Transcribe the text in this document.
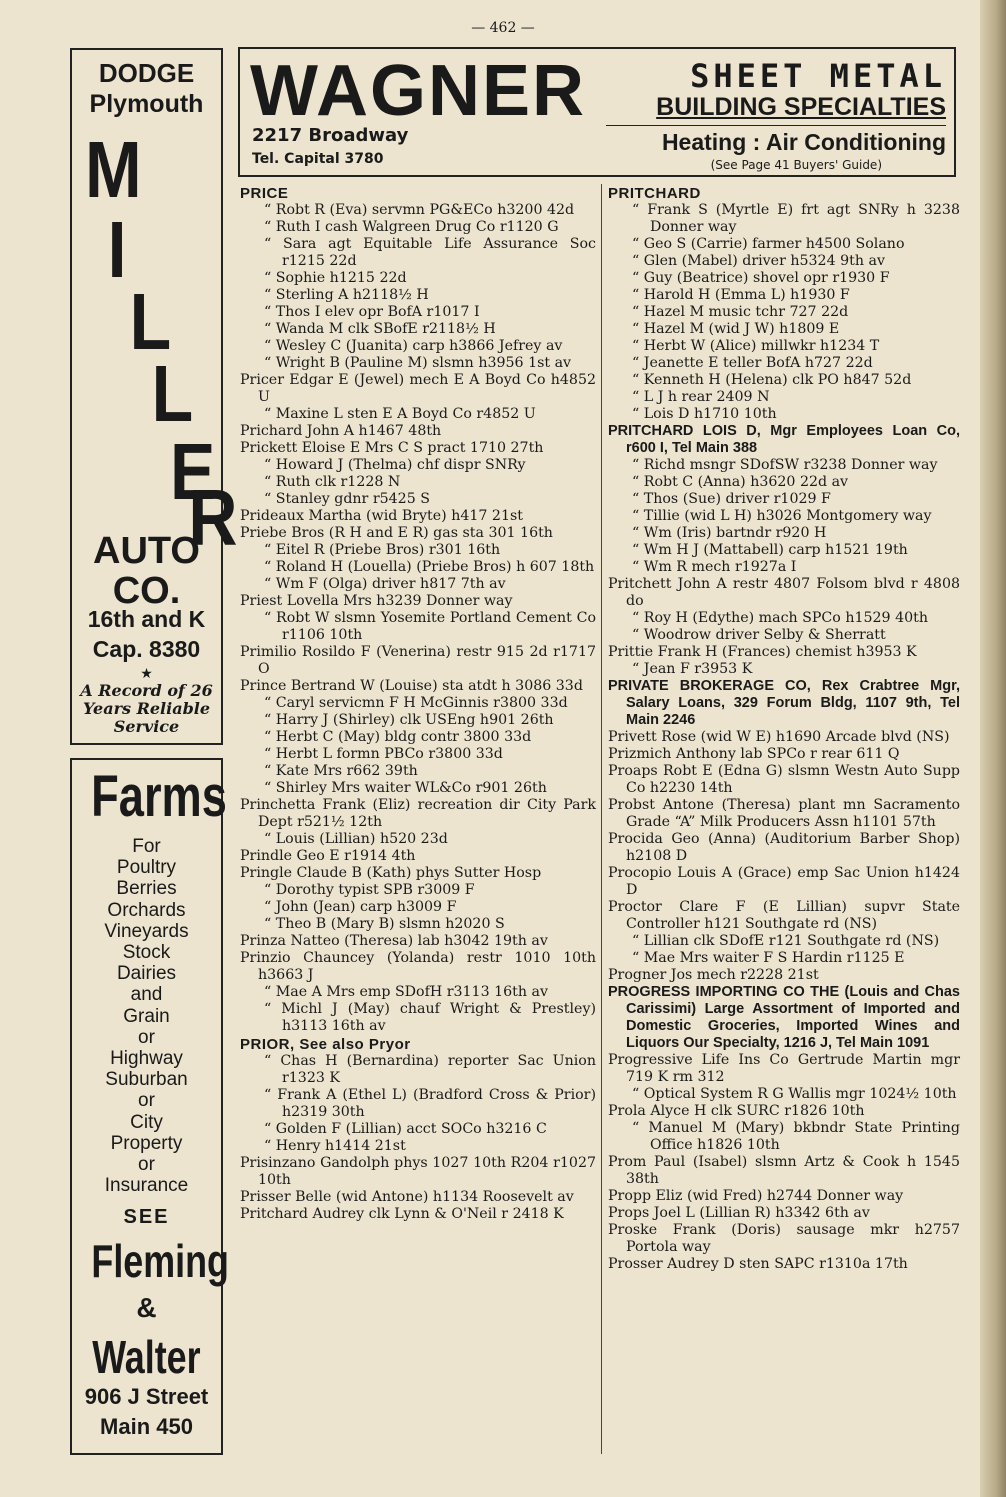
— 462 —
DODGE
Plymouth
M
I
L
L
E
R
AUTO
CO.
16th and K
Cap. 8380
★
A Record of 26 Years Reliable Service
Farms
For
Poultry
Berries
Orchards
Vineyards
Stock
Dairies
and
Grain
or
Highway
Suburban
or
City
Property
or
Insurance
SEE
Fleming
&
Walter
906 J Street
Main 450
WAGNER
2217 Broadway
Tel. Capital 3780
SHEET METAL
BUILDING SPECIALTIES
Heating : Air Conditioning
(See Page 41 Buyers' Guide)

PRICE

“ Robt R (Eva) servmn PG&ECo h3200 42d

“ Ruth I cash Walgreen Drug Co r1120 G

“ Sara agt Equitable Life Assurance Soc r1215 22d

“ Sophie h1215 22d

“ Sterling A h2118½ H

“ Thos I elev opr BofA r1017 I

“ Wanda M clk SBofE r2118½ H

“ Wesley C (Juanita) carp h3866 Jefrey av

“ Wright B (Pauline M) slsmn h3956 1st av

Pricer Edgar E (Jewel) mech E A Boyd Co h4852 U

“ Maxine L sten E A Boyd Co r4852 U

Prichard John A h1467 48th

Prickett Eloise E Mrs C S pract 1710 27th

“ Howard J (Thelma) chf dispr SNRy

“ Ruth clk r1228 N

“ Stanley gdnr r5425 S

Prideaux Martha (wid Bryte) h417 21st

Priebe Bros (R H and E R) gas sta 301 16th

“ Eitel R (Priebe Bros) r301 16th

“ Roland H (Louella) (Priebe Bros) h 607 18th

“ Wm F (Olga) driver h817 7th av

Priest Lovella Mrs h3239 Donner way

“ Robt W slsmn Yosemite Portland Cement Co r1106 10th

Primilio Rosildo F (Venerina) restr 915 2d r1717 O

Prince Bertrand W (Louise) sta atdt h 3086 33d

“ Caryl servicmn F H McGinnis r3800 33d

“ Harry J (Shirley) clk USEng h901 26th

“ Herbt C (May) bldg contr 3800 33d

“ Herbt L formn PBCo r3800 33d

“ Kate Mrs r662 39th

“ Shirley Mrs waiter WL&Co r901 26th

Princhetta Frank (Eliz) recreation dir City Park Dept r521½ 12th

“ Louis (Lillian) h520 23d

Prindle Geo E r1914 4th

Pringle Claude B (Kath) phys Sutter Hosp

“ Dorothy typist SPB r3009 F

“ John (Jean) carp h3009 F

“ Theo B (Mary B) slsmn h2020 S

Prinza Natteo (Theresa) lab h3042 19th av

Prinzio Chauncey (Yolanda) restr 1010 10th h3663 J

“ Mae A Mrs emp SDofH r3113 16th av

“ Michl J (May) chauf Wright & Prestley) h3113 16th av

PRIOR, See also Pryor

“ Chas H (Bernardina) reporter Sac Union r1323 K

“ Frank A (Ethel L) (Bradford Cross & Prior) h2319 30th

“ Golden F (Lillian) acct SOCo h3216 C

“ Henry h1414 21st

Prisinzano Gandolph phys 1027 10th R204 r1027 10th

Prisser Belle (wid Antone) h1134 Roosevelt av

Pritchard Audrey clk Lynn & O'Neil r 2418 K

PRITCHARD

“ Frank S (Myrtle E) frt agt SNRy h 3238 Donner way

“ Geo S (Carrie) farmer h4500 Solano

“ Glen (Mabel) driver h5324 9th av

“ Guy (Beatrice) shovel opr r1930 F

“ Harold H (Emma L) h1930 F

“ Hazel M music tchr 727 22d

“ Hazel M (wid J W) h1809 E

“ Herbt W (Alice) millwkr h1234 T

“ Jeanette E teller BofA h727 22d

“ Kenneth H (Helena) clk PO h847 52d

“ L J h rear 2409 N

“ Lois D h1710 10th

PRITCHARD LOIS D, Mgr Employees Loan Co, r600 I, Tel Main 388

“ Richd msngr SDofSW r3238 Donner way

“ Robt C (Anna) h3620 22d av

“ Thos (Sue) driver r1029 F

“ Tillie (wid L H) h3026 Montgomery way

“ Wm (Iris) bartndr r920 H

“ Wm H J (Mattabell) carp h1521 19th

“ Wm R mech r1927a I

Pritchett John A restr 4807 Folsom blvd r 4808 do

“ Roy H (Edythe) mach SPCo h1529 40th

“ Woodrow driver Selby & Sherratt

Prittie Frank H (Frances) chemist h3953 K

“ Jean F r3953 K

PRIVATE BROKERAGE CO, Rex Crabtree Mgr, Salary Loans, 329 Forum Bldg, 1107 9th, Tel Main 2246

Privett Rose (wid W E) h1690 Arcade blvd (NS)

Prizmich Anthony lab SPCo r rear 611 Q

Proaps Robt E (Edna G) slsmn Westn Auto Supp Co h2230 14th

Probst Antone (Theresa) plant mn Sacramento Grade “A” Milk Producers Assn h1101 57th

Procida Geo (Anna) (Auditorium Barber Shop) h2108 D

Procopio Louis A (Grace) emp Sac Union h1424 D

Proctor Clare F (E Lillian) supvr State Controller h121 Southgate rd (NS)

“ Lillian clk SDofE r121 Southgate rd (NS)

“ Mae Mrs waiter F S Hardin r1125 E

Progner Jos mech r2228 21st

PROGRESS IMPORTING CO THE (Louis and Chas Carissimi) Large Assortment of Imported and Domestic Groceries, Imported Wines and Liquors Our Specialty, 1216 J, Tel Main 1091

Progressive Life Ins Co Gertrude Martin mgr 719 K rm 312

“ Optical System R G Wallis mgr 1024½ 10th

Prola Alyce H clk SURC r1826 10th

“ Manuel M (Mary) bkbndr State Printing Office h1826 10th

Prom Paul (Isabel) slsmn Artz & Cook h 1545 38th

Propp Eliz (wid Fred) h2744 Donner way

Props Joel L (Lillian R) h3342 6th av

Proske Frank (Doris) sausage mkr h2757 Portola way

Prosser Audrey D sten SAPC r1310a 17th
